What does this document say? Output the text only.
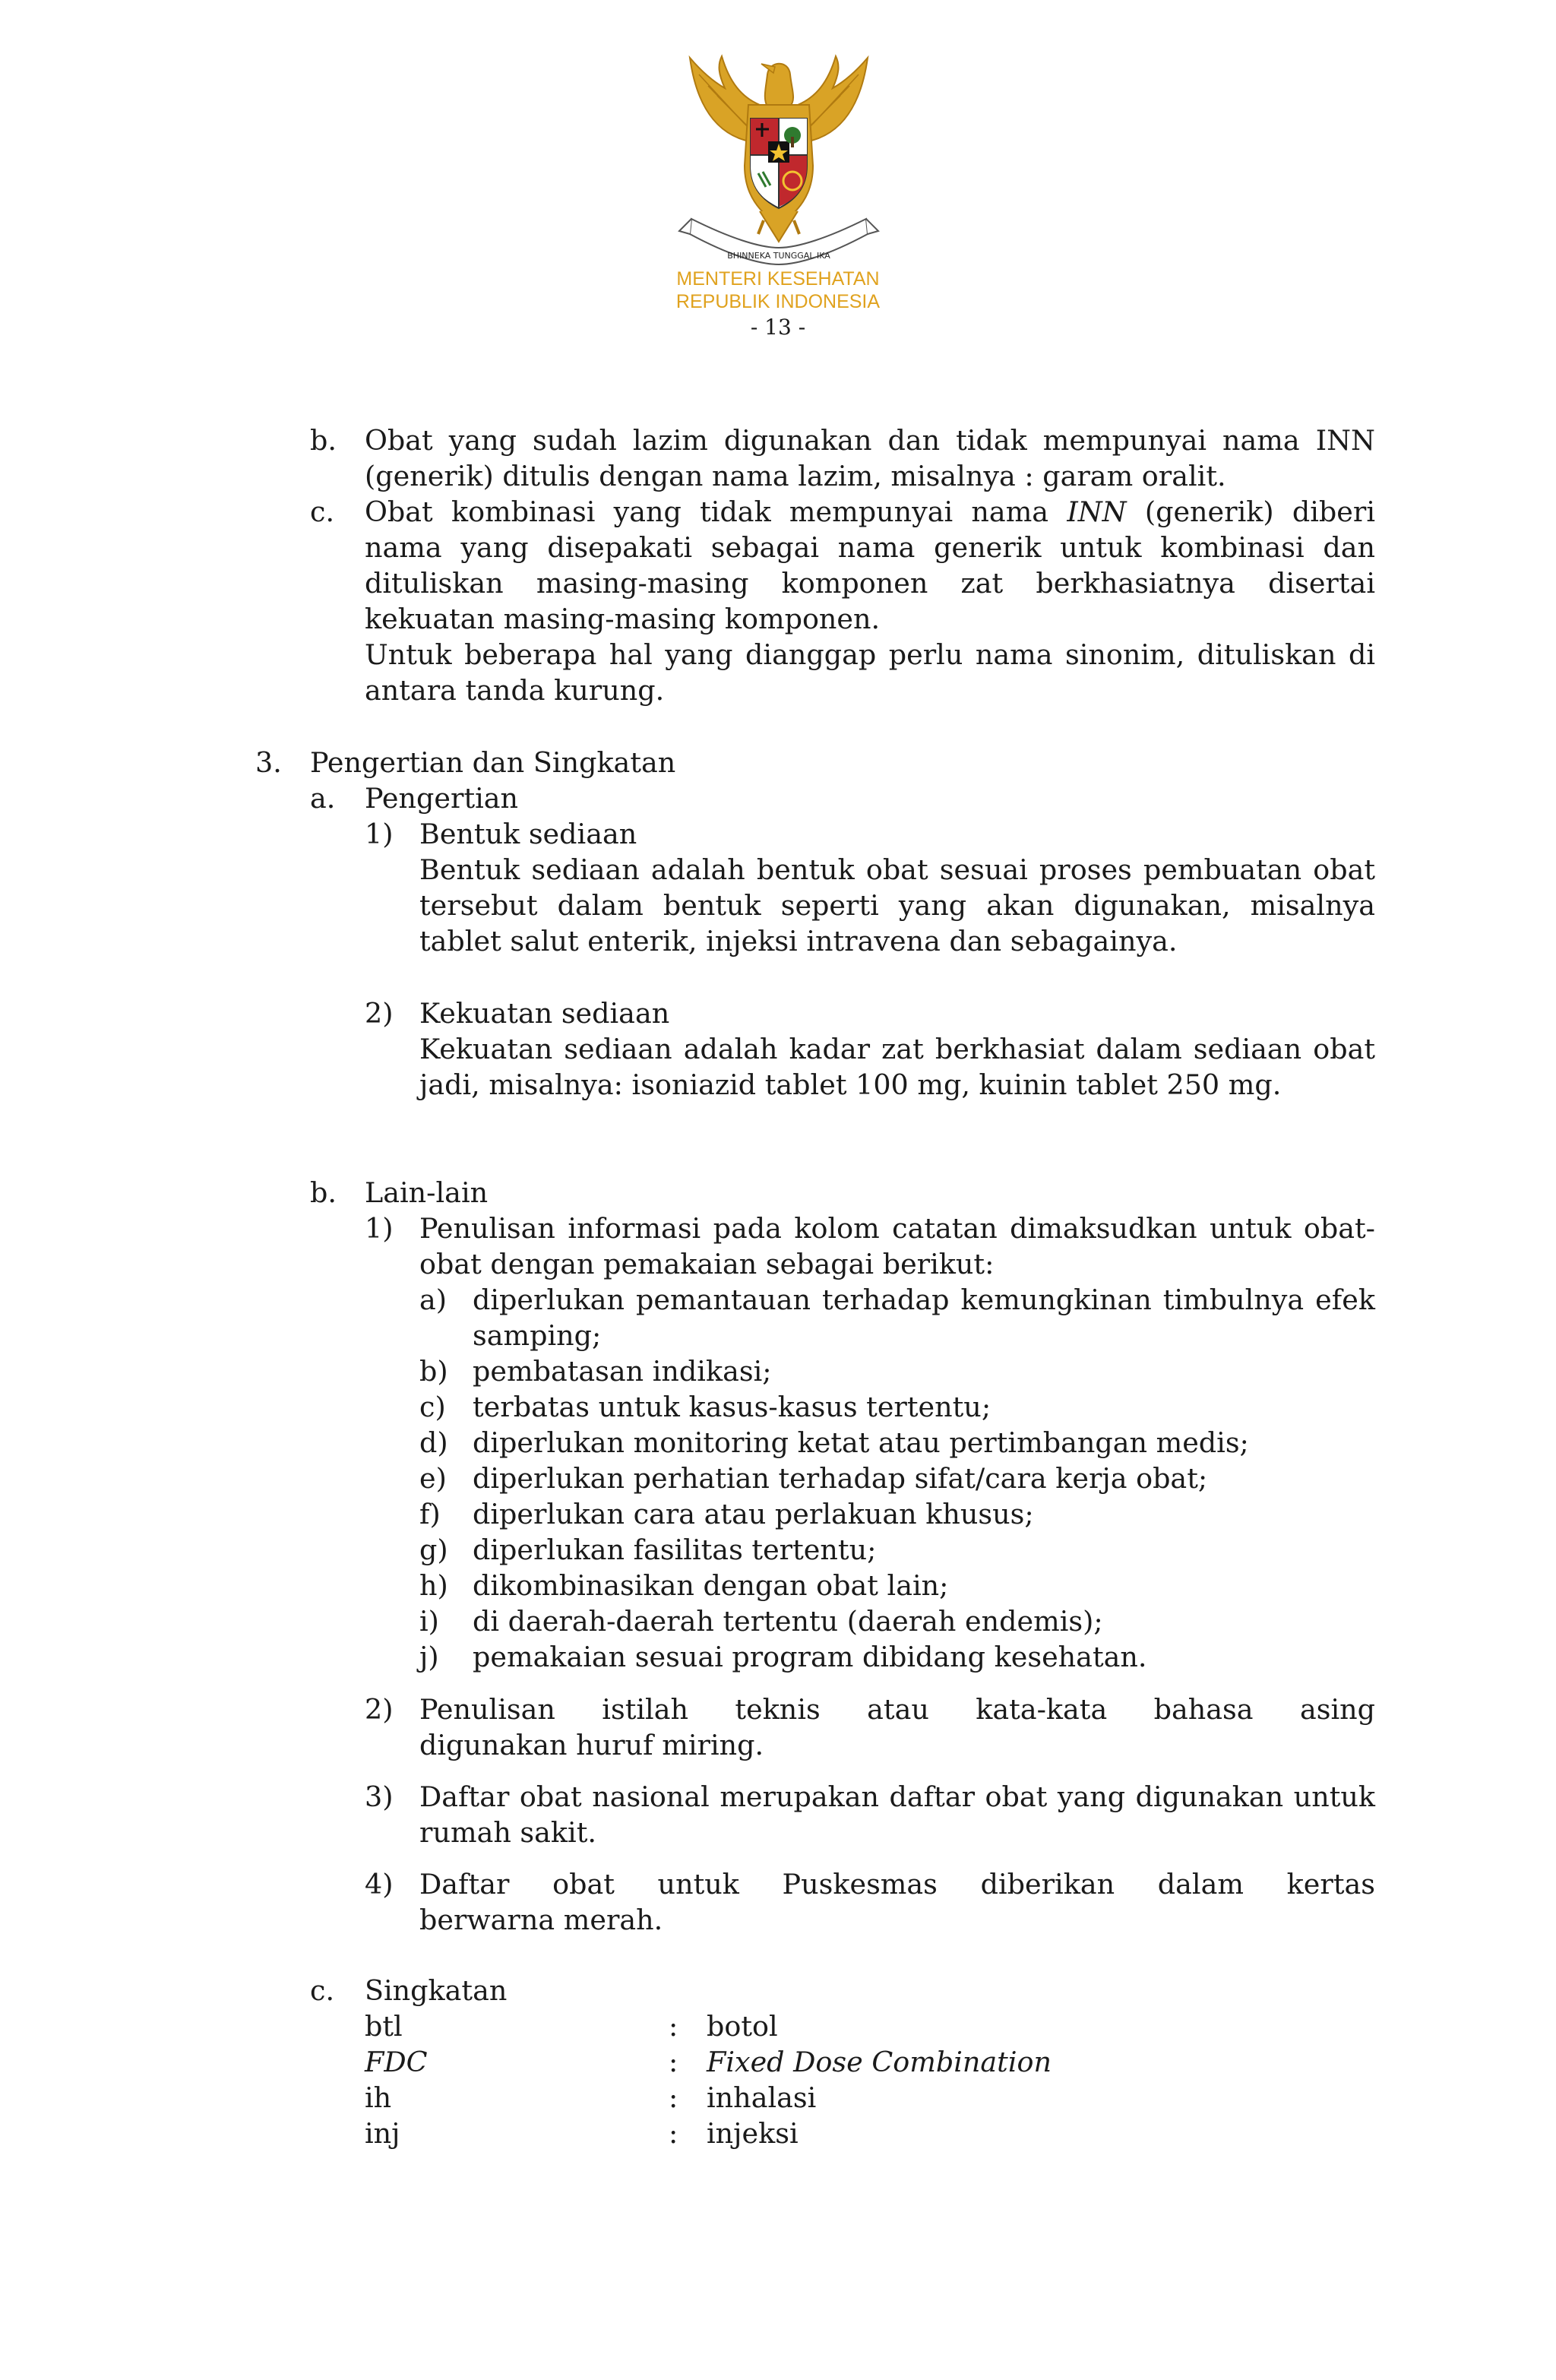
BHINNEKA TUNGGAL IKA
MENTERI KESEHATAN
REPUBLIK INDONESIA
- 13 -
b. Obat yang sudah lazim digunakan dan tidak mempunyai nama INN (generik) ditulis dengan nama lazim, misalnya : garam oralit.
c. Obat kombinasi yang tidak mempunyai nama INN (generik) diberi nama yang disepakati sebagai nama generik untuk kombinasi dan dituliskan masing-masing komponen zat berkhasiatnya disertai kekuatan masing-masing komponen.
Untuk beberapa hal yang dianggap perlu nama sinonim, dituliskan di antara tanda kurung.
3. Pengertian dan Singkatan
a. Pengertian
1) Bentuk sediaan
Bentuk sediaan adalah bentuk obat sesuai proses pembuatan obat tersebut dalam bentuk seperti yang akan digunakan, misalnya tablet salut enterik, injeksi intravena dan sebagainya.
2) Kekuatan sediaan
Kekuatan sediaan adalah kadar zat berkhasiat dalam sediaan obat jadi, misalnya: isoniazid tablet 100 mg, kuinin tablet 250 mg.
b. Lain-lain
1) Penulisan informasi pada kolom catatan dimaksudkan untuk obat-obat dengan pemakaian sebagai berikut:
a) diperlukan pemantauan terhadap kemungkinan timbulnya efek samping;
b) pembatasan indikasi;
c) terbatas untuk kasus-kasus tertentu;
d) diperlukan monitoring ketat atau pertimbangan medis;
e) diperlukan perhatian terhadap sifat/cara kerja obat;
f) diperlukan cara atau perlakuan khusus;
g) diperlukan fasilitas tertentu;
h) dikombinasikan dengan obat lain;
i) di daerah-daerah tertentu (daerah endemis);
j) pemakaian sesuai program dibidang kesehatan.
2) Penulisan istilah teknis atau kata-kata bahasa asing
digunakan huruf miring.
3) Daftar obat nasional merupakan daftar obat yang digunakan untuk rumah sakit.
4) Daftar obat untuk Puskesmas diberikan dalam kertas
berwarna merah.
c. Singkatan
btl	: botol
FDC	: Fixed Dose Combination
ih	: inhalasi
inj	: injeksi
